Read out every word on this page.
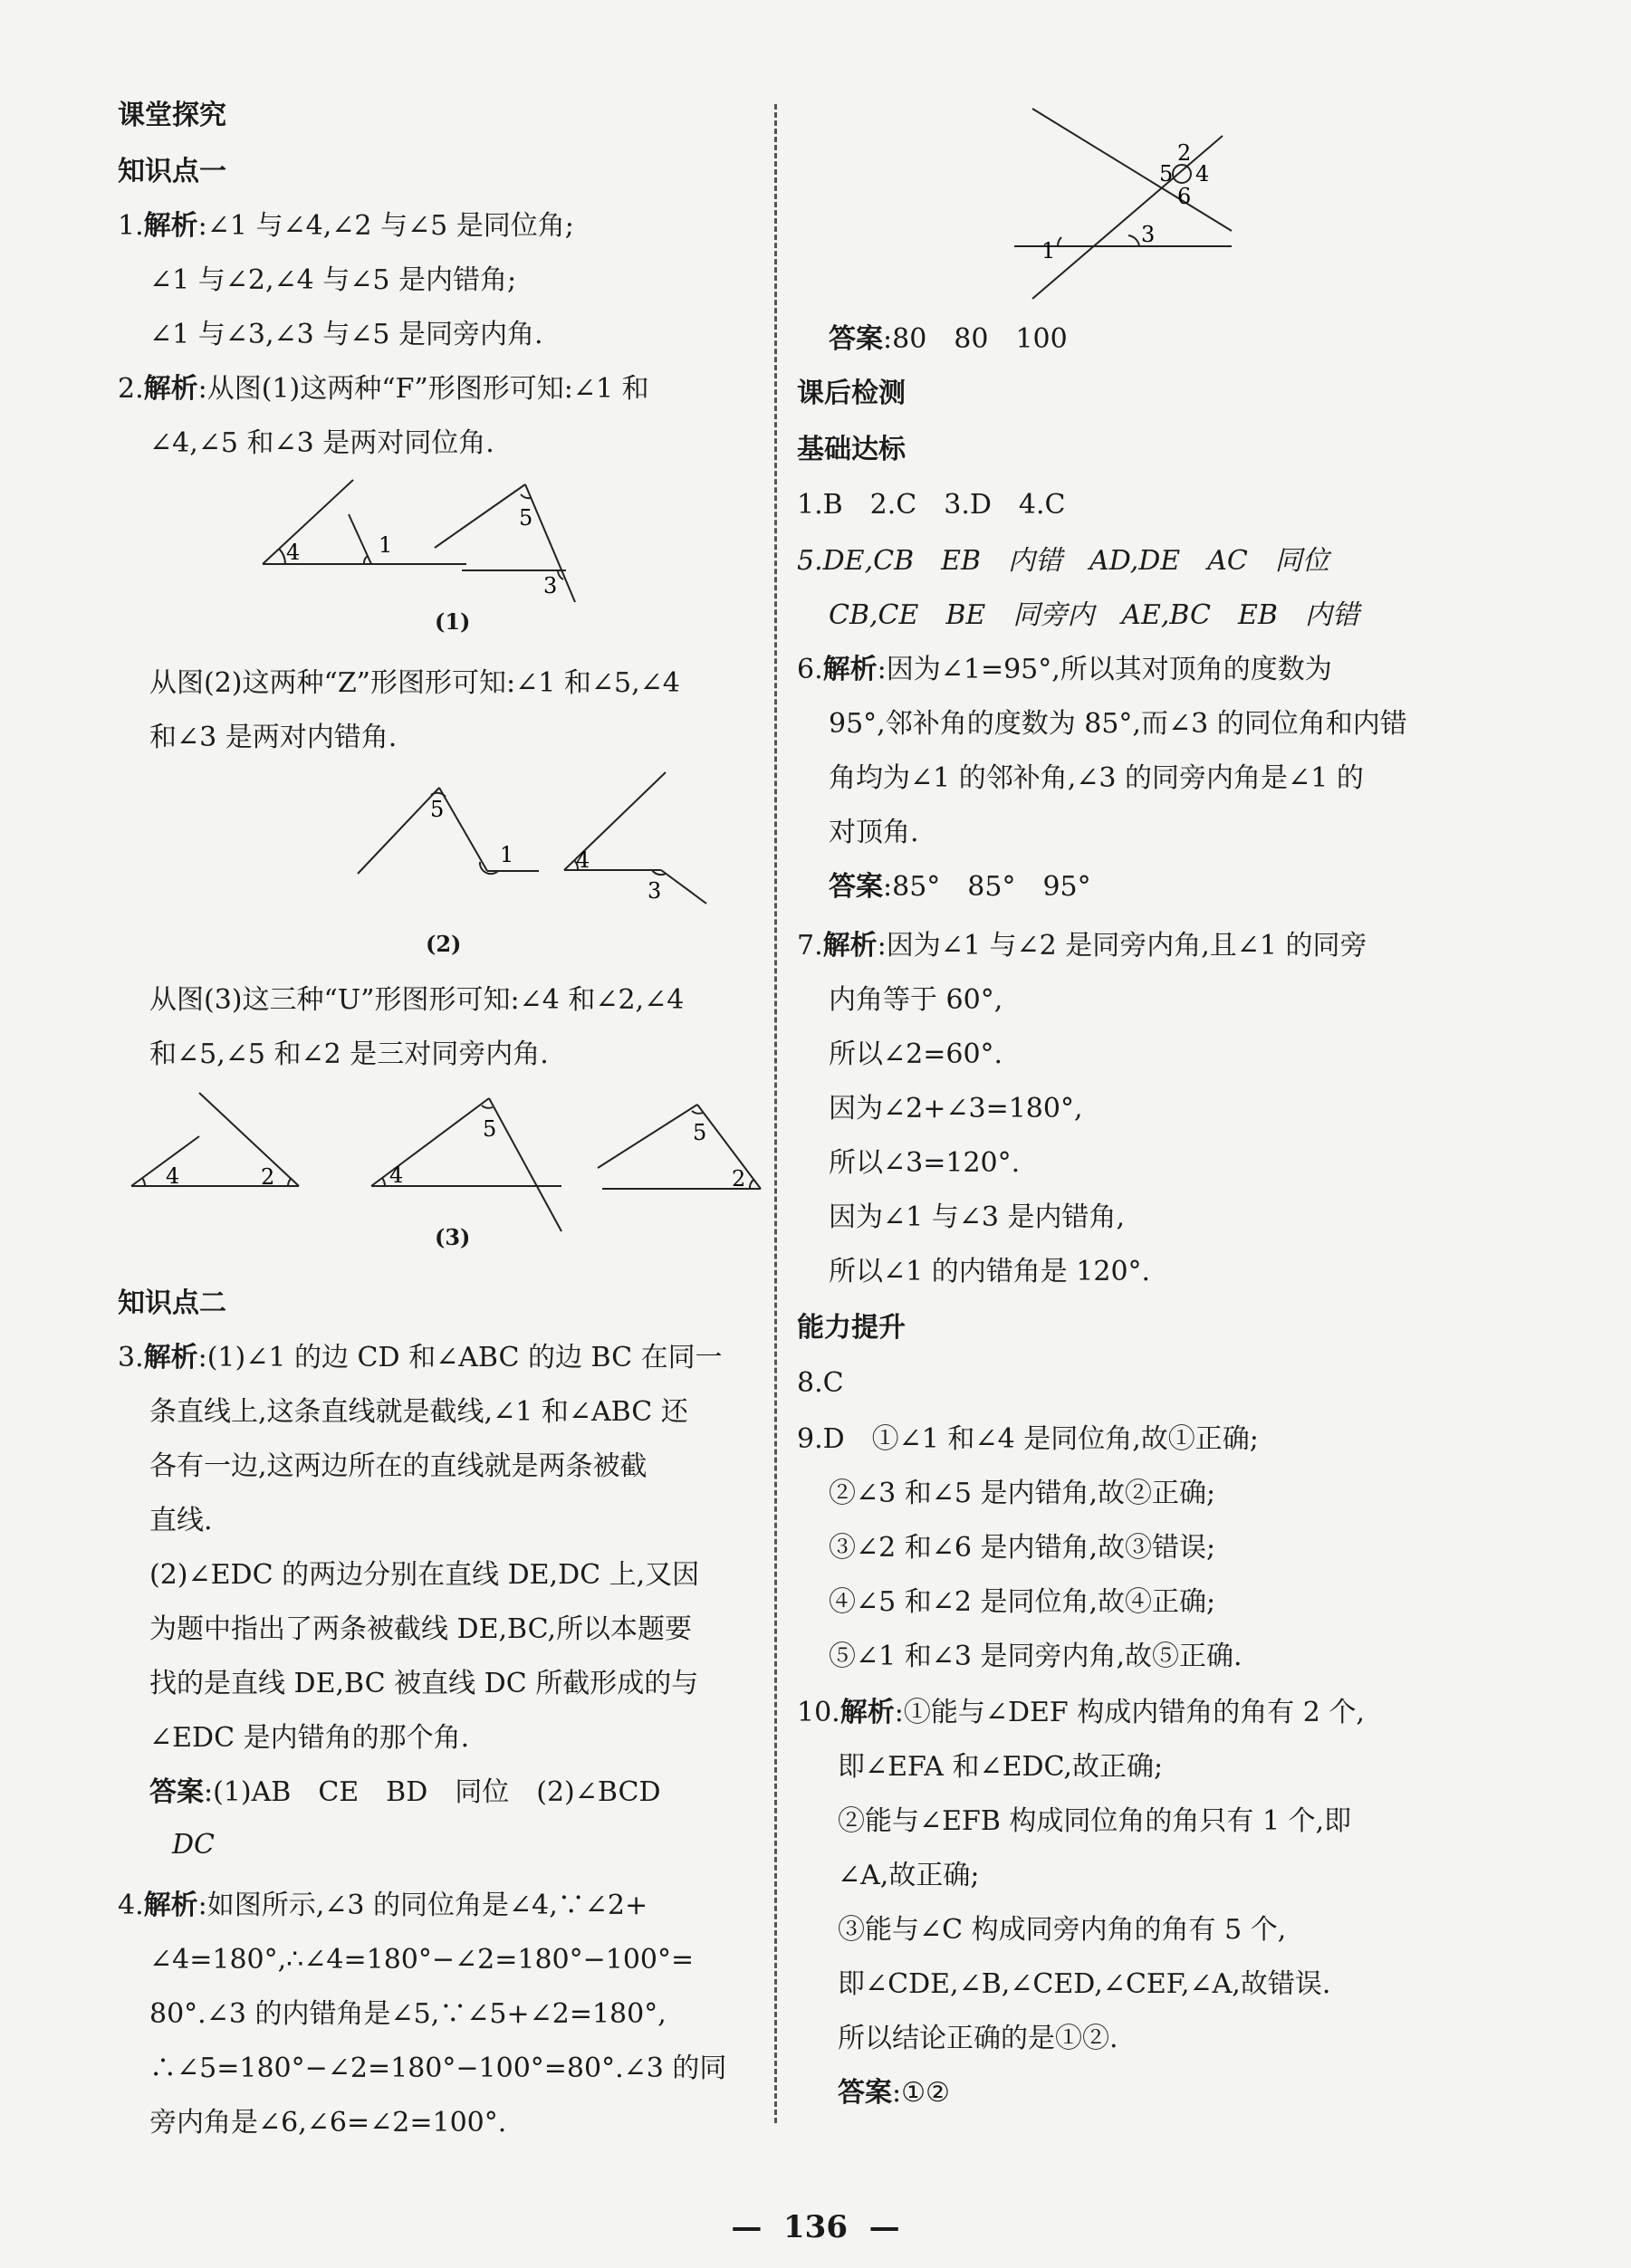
课堂探究
知识点一
1.解析:∠1 与∠4,∠2 与∠5 是同位角;
∠1 与∠2,∠4 与∠5 是内错角;
∠1 与∠3,∠3 与∠5 是同旁内角.
2.解析:从图(1)这两种“F”形图形可知:∠1 和
∠4,∠5 和∠3 是两对同位角.
4	1
5
3
(1)
从图(2)这两种“Z”形图形可知:∠1 和∠5,∠4
和∠3 是两对内错角.
5
1	4
3
(2)
从图(3)这三种“U”形图形可知:∠4 和∠2,∠4
和∠5,∠5 和∠2 是三对同旁内角.
4	2
5
4
5
2
(3)
知识点二
3.解析:(1)∠1 的边 CD 和∠ABC 的边 BC 在同一
条直线上,这条直线就是截线,∠1 和∠ABC 还
各有一边,这两边所在的直线就是两条被截
直线.
(2)∠EDC 的两边分别在直线 DE,DC 上,又因
为题中指出了两条被截线 DE,BC,所以本题要
找的是直线 DE,BC 被直线 DC 所截形成的与
∠EDC 是内错角的那个角.
答案:(1)AB　CE　BD　同位　(2)∠BCD
DC
4.解析:如图所示,∠3 的同位角是∠4,∵∠2+
∠4=180°,∴∠4=180°−∠2=180°−100°=
80°.∠3 的内错角是∠5,∵∠5+∠2=180°,
∴∠5=180°−∠2=180°−100°=80°.∠3 的同
旁内角是∠6,∠6=∠2=100°.
2
5 4
6
1
3
答案:80　80　100
课后检测
基础达标
1.B　2.C　3.D　4.C
5.DE,CB　EB　内错　AD,DE　AC　同位
CB,CE　BE　同旁内　AE,BC　EB　内错
6.解析:因为∠1=95°,所以其对顶角的度数为
95°,邻补角的度数为 85°,而∠3 的同位角和内错
角均为∠1 的邻补角,∠3 的同旁内角是∠1 的
对顶角.
答案:85°　85°　95°
7.解析:因为∠1 与∠2 是同旁内角,且∠1 的同旁
内角等于 60°,
所以∠2=60°.
因为∠2+∠3=180°,
所以∠3=120°.
因为∠1 与∠3 是内错角,
所以∠1 的内错角是 120°.
能力提升
8.C
9.D　①∠1 和∠4 是同位角,故①正确;
②∠3 和∠5 是内错角,故②正确;
③∠2 和∠6 是内错角,故③错误;
④∠5 和∠2 是同位角,故④正确;
⑤∠1 和∠3 是同旁内角,故⑤正确.
10.解析:①能与∠DEF 构成内错角的角有 2 个,
即∠EFA 和∠EDC,故正确;
②能与∠EFB 构成同位角的角只有 1 个,即
∠A,故正确;
③能与∠C 构成同旁内角的角有 5 个,
即∠CDE,∠B,∠CED,∠CEF,∠A,故错误.
所以结论正确的是①②.
答案:①②
— 136 —
